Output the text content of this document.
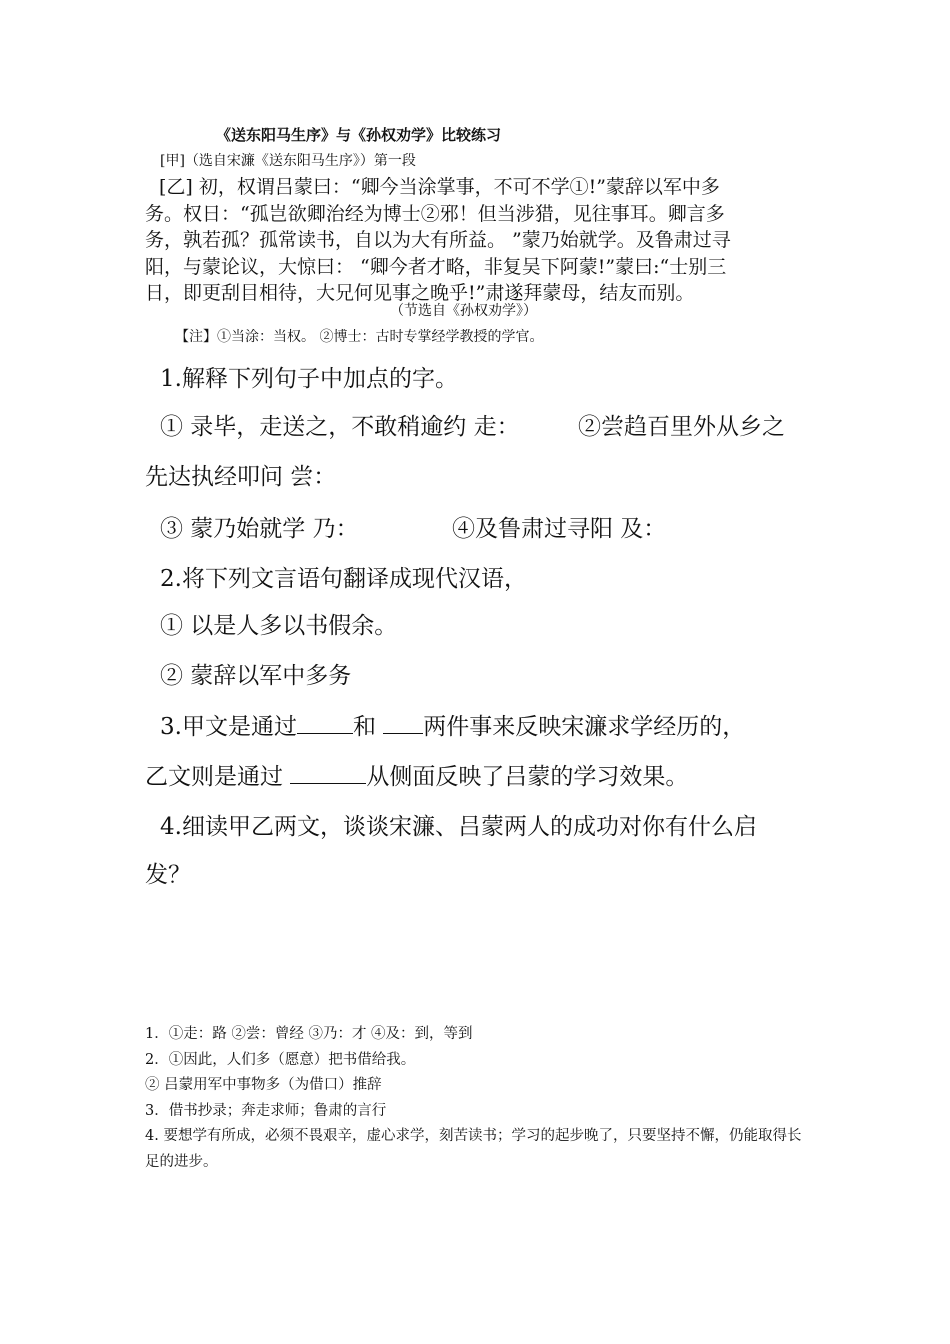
《送东阳马生序》与《孙权劝学》比较练习
[甲]（选自宋濂《送东阳马生序》）第一段
[乙] 初，权谓吕蒙曰：“卿今当涂掌事，不可不学①!”蒙辞以军中多
务。权日：“孤岂欲卿治经为博士②邪！但当涉猎，见往事耳。卿言多
务，孰若孤？孤常读书，自以为大有所益。 ”蒙乃始就学。及鲁肃过寻
阳，与蒙论议，大惊曰： “卿今者才略，非复吴下阿蒙!”蒙曰:“士别三
日，即更刮目相待，大兄何见事之晚乎!”肃遂拜蒙母，结友而别。
（节选自《孙权劝学》）
【注】①当涂：当权。 ②博士：古时专掌经学教授的学官。
1.解释下列句子中加点的字。
① 录毕，走送之，不敢稍逾约 走：	②尝趋百里外从乡之
先达执经叩问 尝：
③ 蒙乃始就学 乃：	④及鲁肃过寻阳 及：
2.将下列文言语句翻译成现代汉语，
① 以是人多以书假余。
② 蒙辞以军中多务
3.甲文是通过 和 两件事来反映宋濂求学经历的，
乙文则是通过	从侧面反映了吕蒙的学习效果。
4.细读甲乙两文，谈谈宋濂、吕蒙两人的成功对你有什么启
发？
1．①走：路 ②尝：曾经 ③乃：才 ④及：到，等到
2．①因此，人们多（愿意）把书借给我。
② 吕蒙用军中事物多（为借口）推辞
3．借书抄录；奔走求师；鲁肃的言行
4. 要想学有所成，必须不畏艰辛，虚心求学，刻苦读书；学习的起步晚了，只要坚持不懈，仍能取得长足的进步。
